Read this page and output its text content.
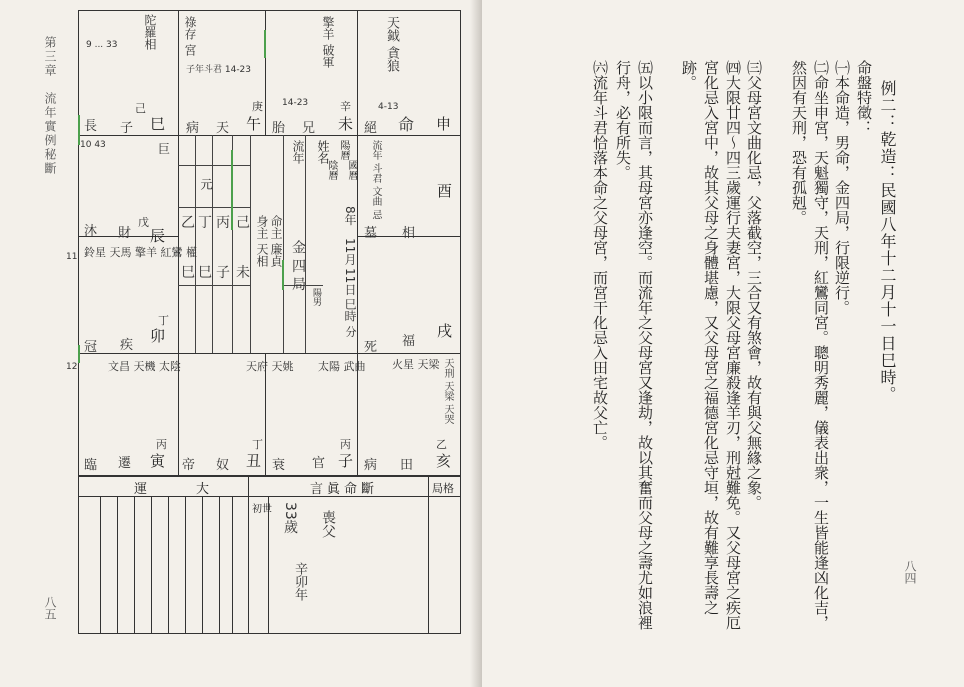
第三章　流年實例秘斷
八五
巳
己
長 子
陀羅相
9 ... 33
午
庚
天
病
祿存 宮
子年斗君 14-23
未
辛
胎 兄
擎羊 破軍
14-23
申
絕 命
天鉞 貪狼
4-13
辰
戊
沐 財
巨
10 43
卯
丁
冠 疾
鈴星 天馬 擎羊 紅鸞 權
11
酉
墓 相
流年 斗君 文曲 忌
戌
死 福
火星 天梁
寅
丙
臨 遷
文昌 天機 太陰
12
丑
丁
帝 奴
天府 天姚
子
丙
衰 官
太陽 武曲
亥
乙
病 田
天刑 天梁 天哭
流年 姓名 陽曆
陰曆 國曆
8年
11月
11日
巳時
分
元
己
未
丙
子
丁
巳
乙
巳
身主 天相 命主 廉貞 金 四 局
陽男
運　大	言眞命斷	局格
初世 33歲 喪父
辛卯年
例二：乾造：民國八年十二月十一日巳時。
命盤特徵：
㈠本命造，男命，金四局，行限逆行。
㈡命坐申宮，天魁獨守，天刑，紅鸞同宮。聰明秀麗，儀表出衆，一生皆能逢凶化吉，然因有天刑，恐有孤剋。
㈢父母宮文曲化忌，父落截空，三合又有煞會，故有與父無緣之象。
㈣大限廿四～四三歲運行夫妻宮，大限父母宮廉殺逢羊刃，刑尅難免。又父母宮之疾厄宮化忌入宮中，故其父母之身體堪慮，又父母宮之福德宮化忌守垣，故有難享長壽之跡。
㈤以小限而言，其母宮亦逢空。而流年之父母宮又逢劫，故以其奮而父母之壽尤如浪裡行舟，必有所失。
㈥流年斗君恰落本命之父母宮，而宮干化忌入田宅故父亡。
八四
